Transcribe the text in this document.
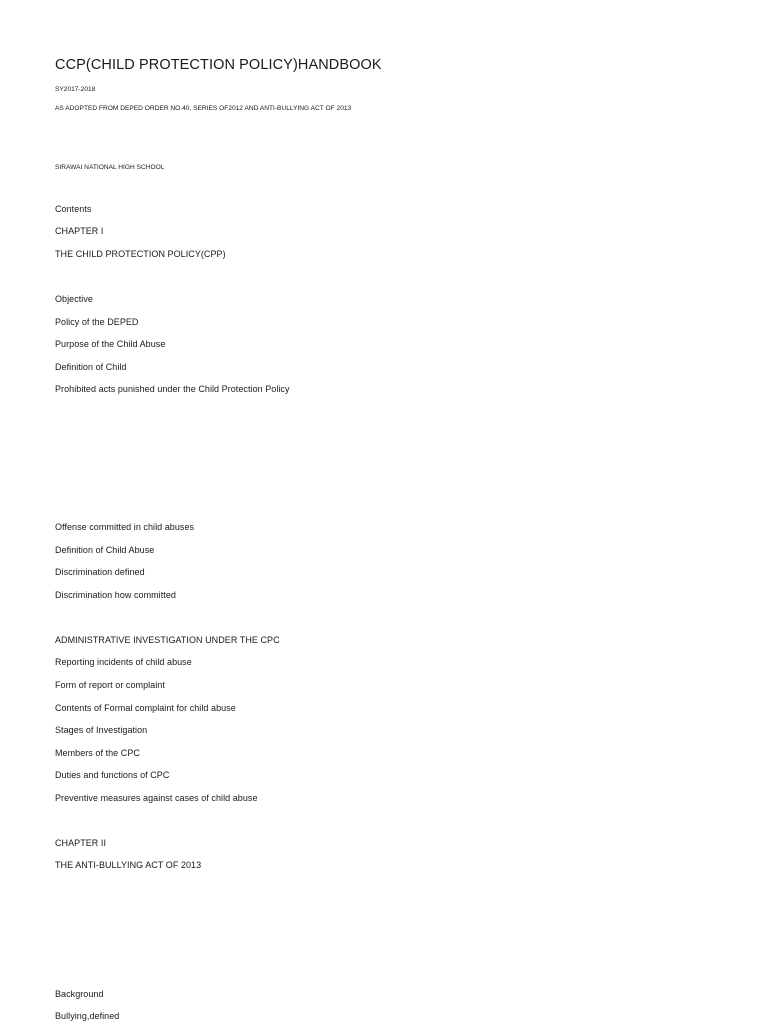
CCP(CHILD PROTECTION POLICY)HANDBOOK
SY2017-2018
AS ADOPTED FROM DEPED ORDER NO.40, SERIES OF2012 AND ANTI-BULLYING ACT OF 2013
SIRAWAI NATIONAL HIGH SCHOOL
Contents
CHAPTER I
THE CHILD PROTECTION POLICY(CPP)
Objective
Policy of the DEPED
Purpose of the Child Abuse
Definition of Child
Prohibited acts punished under the Child Protection Policy
Offense committed in child abuses
Definition of Child Abuse
Discrimination defined
Discrimination how committed
ADMINISTRATIVE INVESTIGATION UNDER THE CPC
Reporting incidents of child abuse
Form of report or complaint
Contents of Formal complaint for child abuse
Stages of Investigation
Members of the CPC
Duties and functions of CPC
Preventive measures against cases of child abuse
CHAPTER II
THE ANTI-BULLYING ACT OF 2013
Background
Bullying,defined
